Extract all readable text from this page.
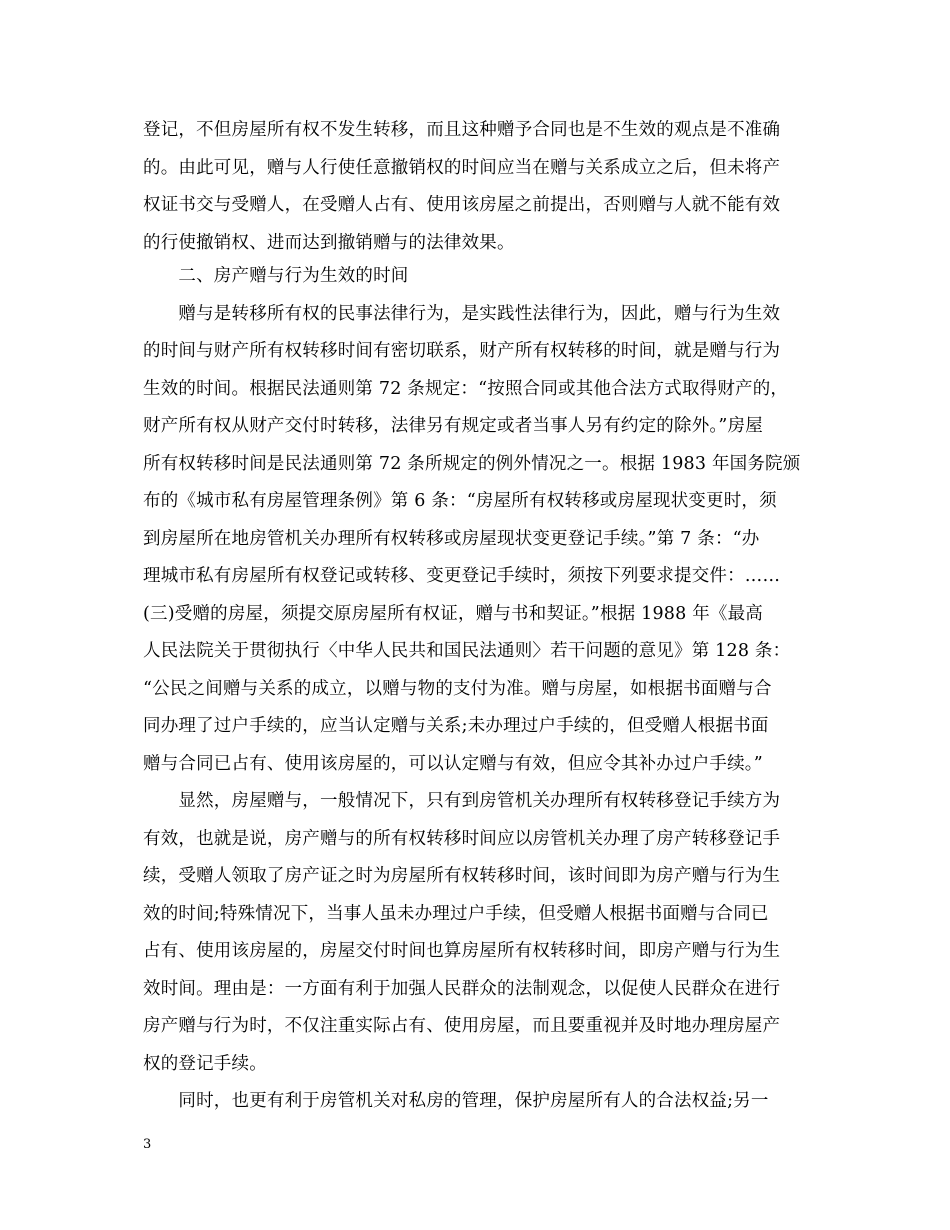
登记，不但房屋所有权不发生转移，而且这种赠予合同也是不生效的观点是不准确
的。由此可见，赠与人行使任意撤销权的时间应当在赠与关系成立之后，但未将产
权证书交与受赠人，在受赠人占有、使用该房屋之前提出，否则赠与人就不能有效
的行使撤销权、进而达到撤销赠与的法律效果。
　　二、房产赠与行为生效的时间
　　赠与是转移所有权的民事法律行为，是实践性法律行为，因此，赠与行为生效
的时间与财产所有权转移时间有密切联系，财产所有权转移的时间，就是赠与行为
生效的时间。根据民法通则第 72 条规定：“按照合同或其他合法方式取得财产的，
财产所有权从财产交付时转移，法律另有规定或者当事人另有约定的除外。”房屋
所有权转移时间是民法通则第 72 条所规定的例外情况之一。根据 1983 年国务院颁
布的《城市私有房屋管理条例》第 6 条：“房屋所有权转移或房屋现状变更时，须
到房屋所在地房管机关办理所有权转移或房屋现状变更登记手续。”第 7 条：“办
理城市私有房屋所有权登记或转移、变更登记手续时，须按下列要求提交件：……
(三)受赠的房屋，须提交原房屋所有权证，赠与书和契证。”根据 1988 年《最高
人民法院关于贯彻执行〈中华人民共和国民法通则〉若干问题的意见》第 128 条：
“公民之间赠与关系的成立，以赠与物的支付为准。赠与房屋，如根据书面赠与合
同办理了过户手续的，应当认定赠与关系;未办理过户手续的，但受赠人根据书面
赠与合同已占有、使用该房屋的，可以认定赠与有效，但应令其补办过户手续。”
　　显然，房屋赠与，一般情况下，只有到房管机关办理所有权转移登记手续方为
有效，也就是说，房产赠与的所有权转移时间应以房管机关办理了房产转移登记手
续，受赠人领取了房产证之时为房屋所有权转移时间，该时间即为房产赠与行为生
效的时间;特殊情况下，当事人虽未办理过户手续，但受赠人根据书面赠与合同已
占有、使用该房屋的，房屋交付时间也算房屋所有权转移时间，即房产赠与行为生
效时间。理由是：一方面有利于加强人民群众的法制观念，以促使人民群众在进行
房产赠与行为时，不仅注重实际占有、使用房屋，而且要重视并及时地办理房屋产
权的登记手续。
　　同时，也更有利于房管机关对私房的管理，保护房屋所有人的合法权益;另一
3
